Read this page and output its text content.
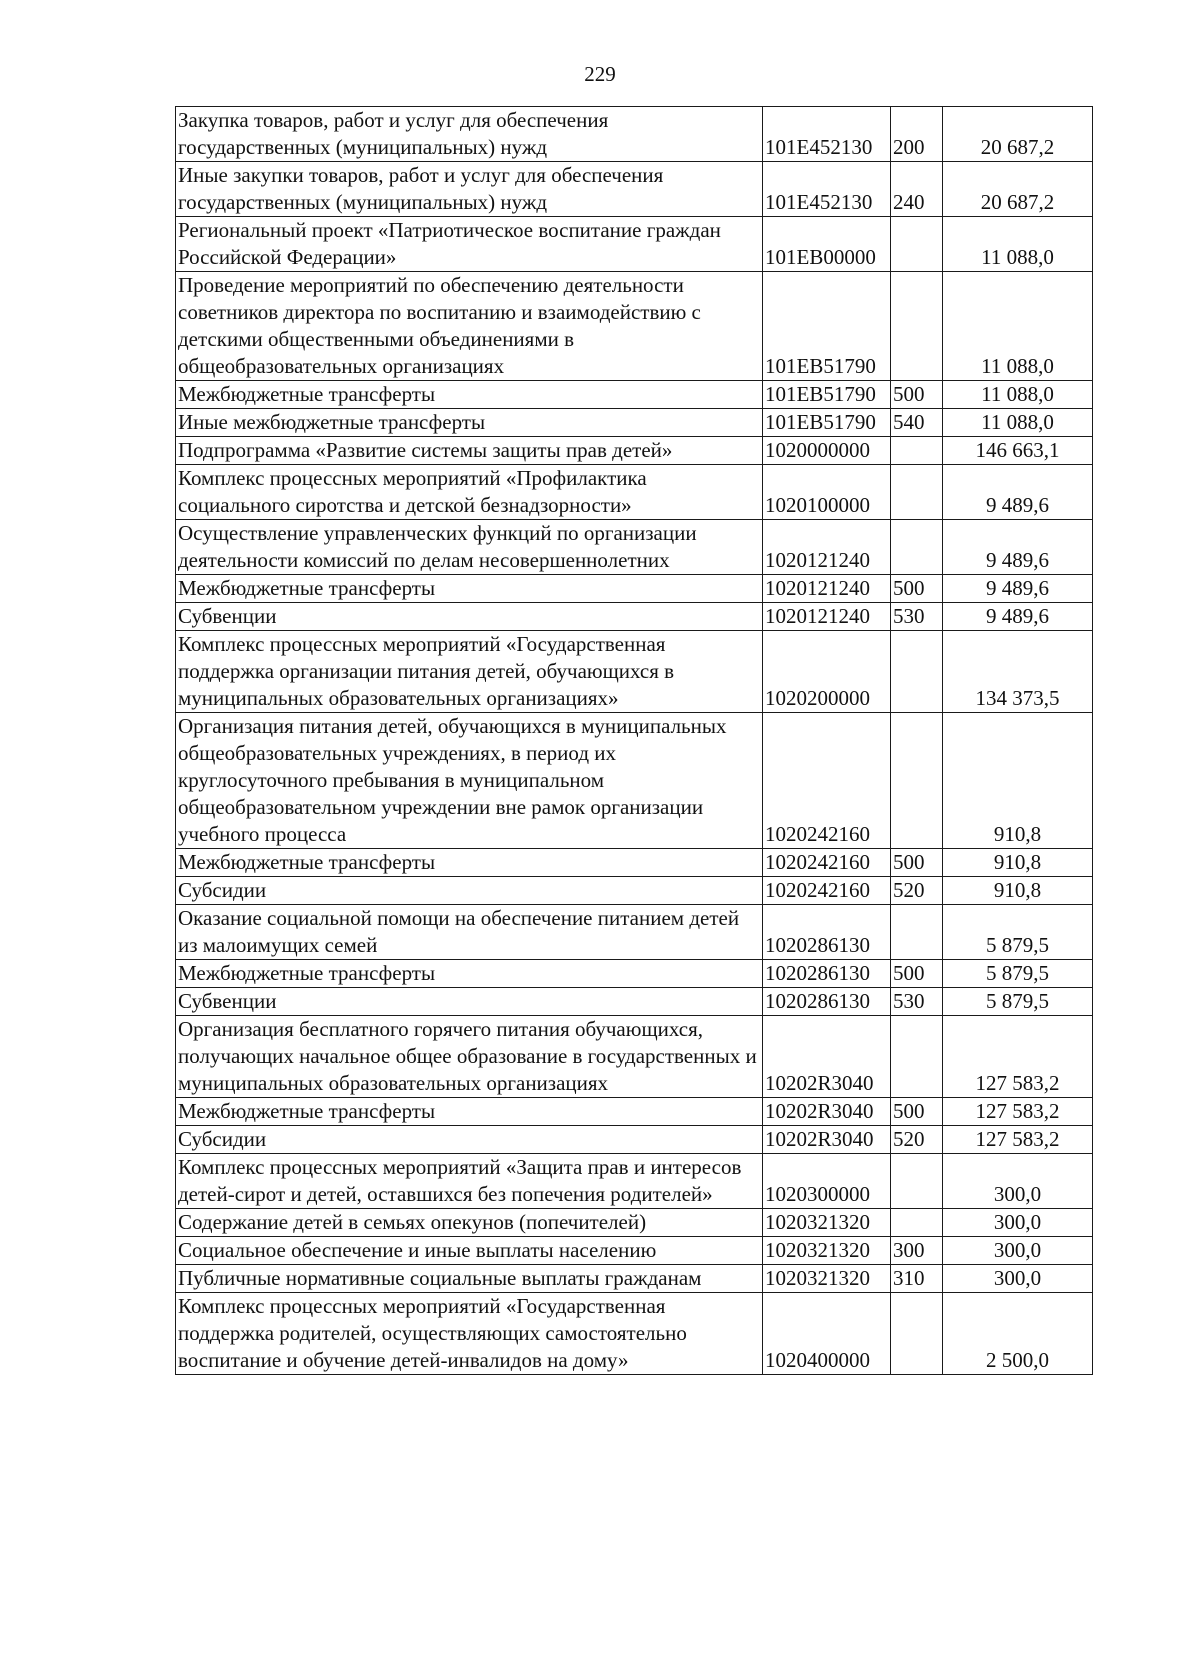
229
Закупка товаров, работ и услуг для обеспечения государственных (муниципальных) нужд	101E452130	200	20 687,2
Иные закупки товаров, работ и услуг для обеспечения государственных (муниципальных) нужд	101E452130	240	20 687,2
Региональный проект «Патриотическое воспитание граждан Российской Федерации»	101EB00000		11 088,0
Проведение мероприятий по обеспечению деятельности советников директора по воспитанию и взаимодействию с детскими общественными объединениями в общеобразовательных организациях	101EB51790		11 088,0
Межбюджетные трансферты	101EB51790	500	11 088,0
Иные межбюджетные трансферты	101EB51790	540	11 088,0
Подпрограмма «Развитие системы защиты прав детей»	1020000000		146 663,1
Комплекс процессных мероприятий «Профилактика социального сиротства и детской безнадзорности»	1020100000		9 489,6
Осуществление управленческих функций по организации деятельности комиссий по делам несовершеннолетних	1020121240		9 489,6
Межбюджетные трансферты	1020121240	500	9 489,6
Субвенции	1020121240	530	9 489,6
Комплекс процессных мероприятий «Государственная поддержка организации питания детей, обучающихся в муниципальных образовательных организациях»	1020200000		134 373,5
Организация питания детей, обучающихся в муниципальных общеобразовательных учреждениях, в период их круглосуточного пребывания в муниципальном общеобразовательном учреждении вне рамок организации учебного процесса	1020242160		910,8
Межбюджетные трансферты	1020242160	500	910,8
Субсидии	1020242160	520	910,8
Оказание социальной помощи на обеспечение питанием детей из малоимущих семей	1020286130		5 879,5
Межбюджетные трансферты	1020286130	500	5 879,5
Субвенции	1020286130	530	5 879,5
Организация бесплатного горячего питания обучающихся, получающих начальное общее образование в государственных и муниципальных образовательных организациях	10202R3040		127 583,2
Межбюджетные трансферты	10202R3040	500	127 583,2
Субсидии	10202R3040	520	127 583,2
Комплекс процессных мероприятий «Защита прав и интересов детей-сирот и детей, оставшихся без попечения родителей»	1020300000		300,0
Содержание детей в семьях опекунов (попечителей)	1020321320		300,0
Социальное обеспечение и иные выплаты населению	1020321320	300	300,0
Публичные нормативные социальные выплаты гражданам	1020321320	310	300,0
Комплекс процессных мероприятий «Государственная поддержка родителей, осуществляющих самостоятельно воспитание и обучение детей-инвалидов на дому»	1020400000		2 500,0
